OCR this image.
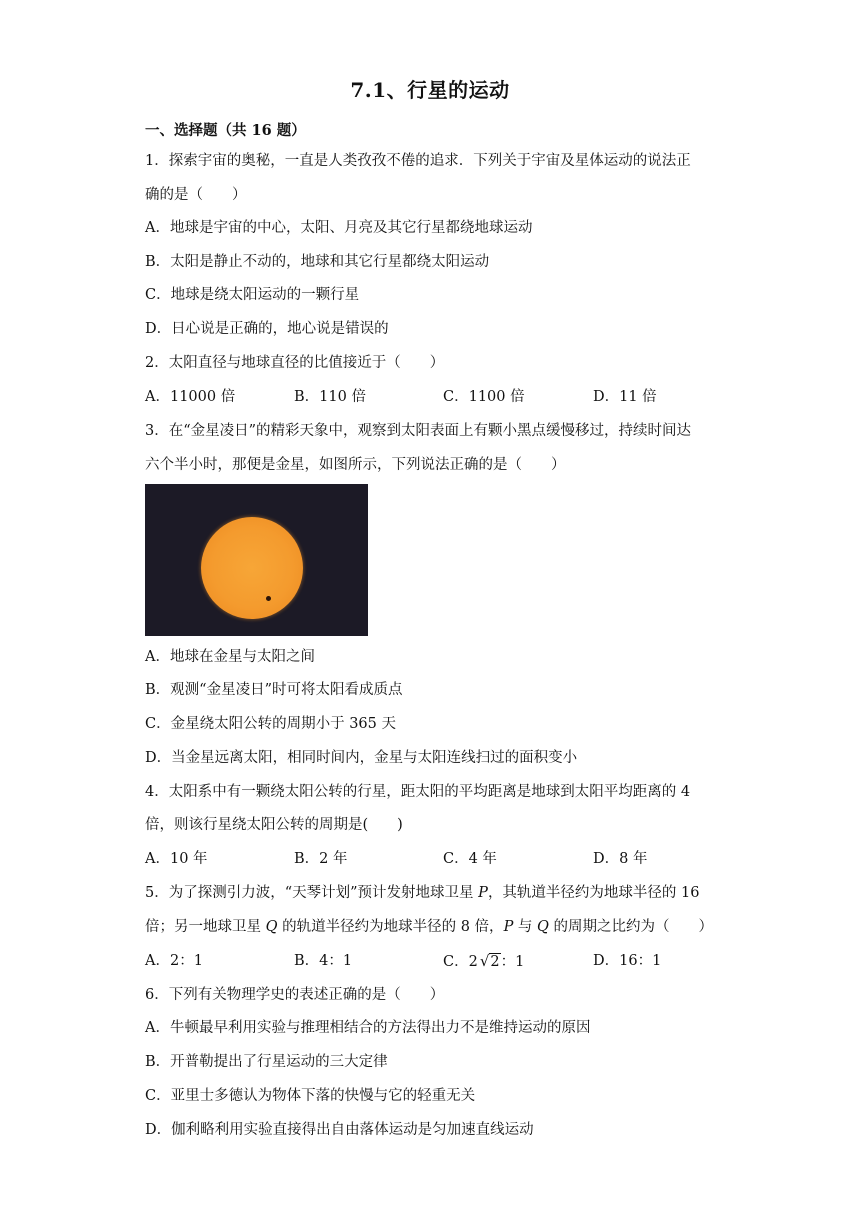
7.1、行星的运动
一、选择题（共 16 题）
1．探索宇宙的奥秘，一直是人类孜孜不倦的追求．下列关于宇宙及星体运动的说法正
确的是（　　）
A．地球是宇宙的中心，太阳、月亮及其它行星都绕地球运动
B．太阳是静止不动的，地球和其它行星都绕太阳运动
C．地球是绕太阳运动的一颗行星
D．日心说是正确的，地心说是错误的
2．太阳直径与地球直径的比值接近于（　　）
A．11000 倍	B．110 倍	C．1100 倍	D．11 倍
3．在“金星凌日”的精彩天象中，观察到太阳表面上有颗小黑点缓慢移过，持续时间达
六个半小时，那便是金星，如图所示，下列说法正确的是（　　）
A．地球在金星与太阳之间
B．观测“金星凌日”时可将太阳看成质点
C．金星绕太阳公转的周期小于 365 天
D．当金星远离太阳，相同时间内，金星与太阳连线扫过的面积变小
4．太阳系中有一颗绕太阳公转的行星，距太阳的平均距离是地球到太阳平均距离的 4
倍，则该行星绕太阳公转的周期是(　　)
A．10 年	B．2 年	C．4 年	D．8 年
5．为了探测引力波，“天琴计划”预计发射地球卫星 P，其轨道半径约为地球半径的 16
倍；另一地球卫星 Q 的轨道半径约为地球半径的 8 倍，P 与 Q 的周期之比约为（　　）
A．2：1	B．4：1	C．2 √2：1	D．16：1
6．下列有关物理学史的表述正确的是（　　）
A．牛顿最早利用实验与推理相结合的方法得出力不是维持运动的原因
B．开普勒提出了行星运动的三大定律
C．亚里士多德认为物体下落的快慢与它的轻重无关
D．伽利略利用实验直接得出自由落体运动是匀加速直线运动
